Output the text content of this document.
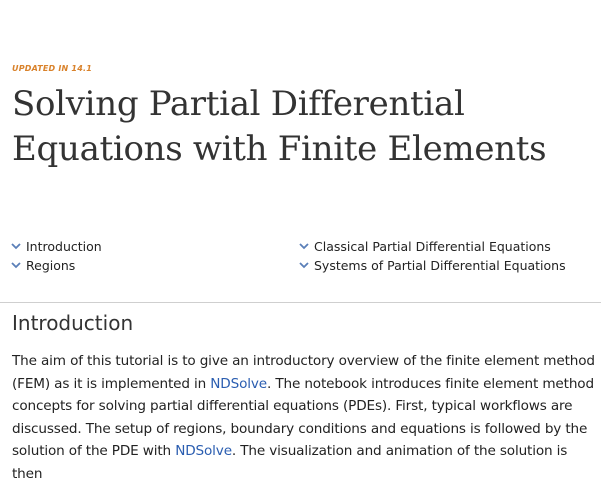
UPDATED IN 14.1
Solving Partial Differential Equations with Finite Elements
Introduction
Regions
Classical Partial Differential Equations
Systems of Partial Differential Equations
Introduction

The aim of this tutorial is to give an introductory overview of the finite element method (FEM) as it is implemented in NDSolve. The notebook introduces finite element method concepts for solving partial differential equations (PDEs). First, typical workflows are discussed. The setup of regions, boundary conditions and equations is followed by the solution of the PDE with NDSolve. The visualization and animation of the solution is then
